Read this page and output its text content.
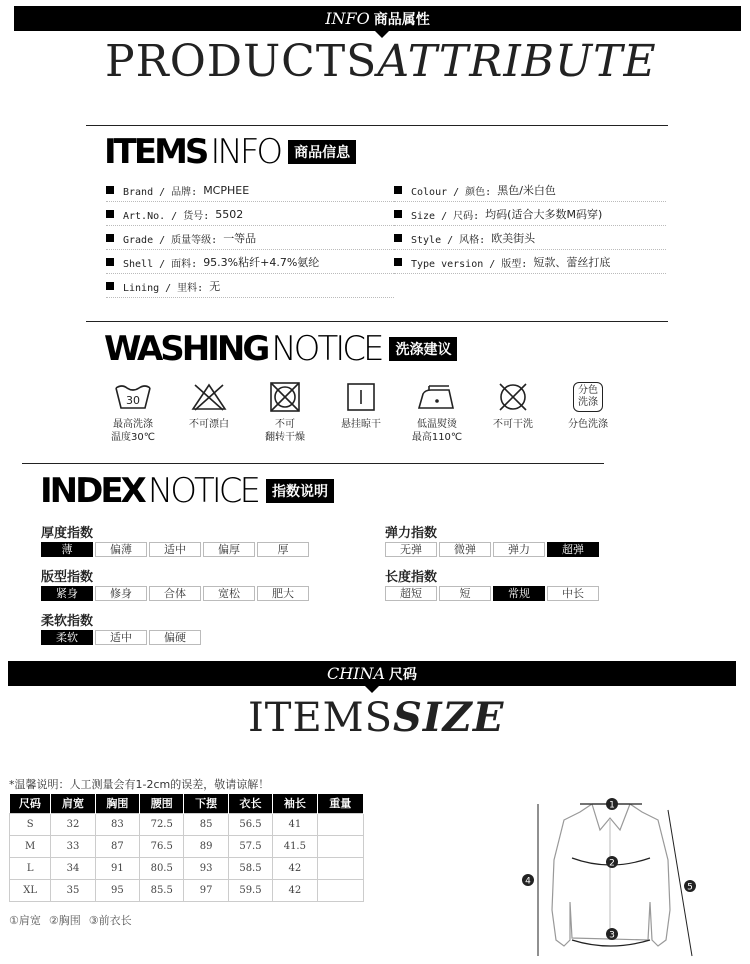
INFO 商品属性
PRODUCTSATTRIBUTE
ITEMS INFO	商品信息
Brand / 品牌: MCPHEE
Art.No. / 货号: 5502
Grade / 质量等级: 一等品
Shell / 面料: 95.3%粘纤+4.7%氨纶
Lining / 里料: 无
Colour / 颜色: 黑色/米白色
Size / 尺码: 均码(适合大多数M码穿)
Style / 风格: 欧美街头
Type version / 版型: 短款、蕾丝打底
WASHING NOTICE	洗涤建议
30
最高洗涤
温度30℃
不可漂白	不可
翻转干燥
悬挂晾干	低温熨烫
最高110℃
不可干洗
分色
洗涤
分色洗涤
INDEX NOTICE	指数说明
厚度指数
薄	偏薄	适中	偏厚	厚
弹力指数
无弹	微弹	弹力	超弹
版型指数
紧身	修身	合体	宽松	肥大
长度指数
超短	短	常规	中长
柔软指数
柔软	适中	偏硬
CHINA 尺码
ITEMSSIZE
*温馨说明：人工测量会有1-2cm的误差，敬请谅解！
尺码	肩宽	胸围	腰围	下摆	衣长	袖长	重量
S	32	83	72.5	85	56.5	41	
M	33	87	76.5	89	57.5	41.5	
L	34	91	80.5	93	58.5	42	
XL	35	95	85.5	97	59.5	42	
①肩宽 ②胸围 ③前衣长
1
2
3
4
5
